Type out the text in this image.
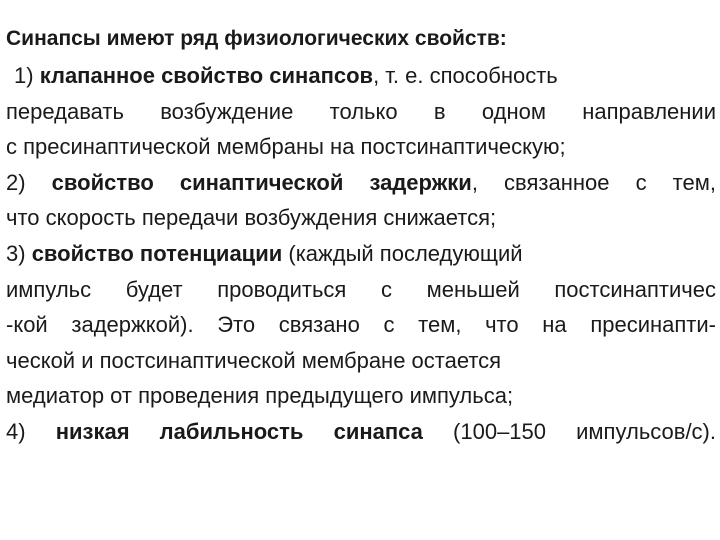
Синапсы имеют ряд физиологических свойств:

1) клапанное свойство синапсов, т. е. способность
передавать возбуждение только в одном направлении
с пресинаптической мембраны на постсинаптическую;

2) свойство синаптической задержки, связанное с тем,
что скорость передачи возбуждения снижается;

3) свойство потенциации (каждый последующий
импульс будет проводиться с меньшей постсинаптичес
-кой задержкой). Это связано с тем, что на пресинапти-
ческой и постсинаптической мембране остается
медиатор от проведения предыдущего импульса;

4) низкая лабильность синапса (100–150 импульсов/с).
